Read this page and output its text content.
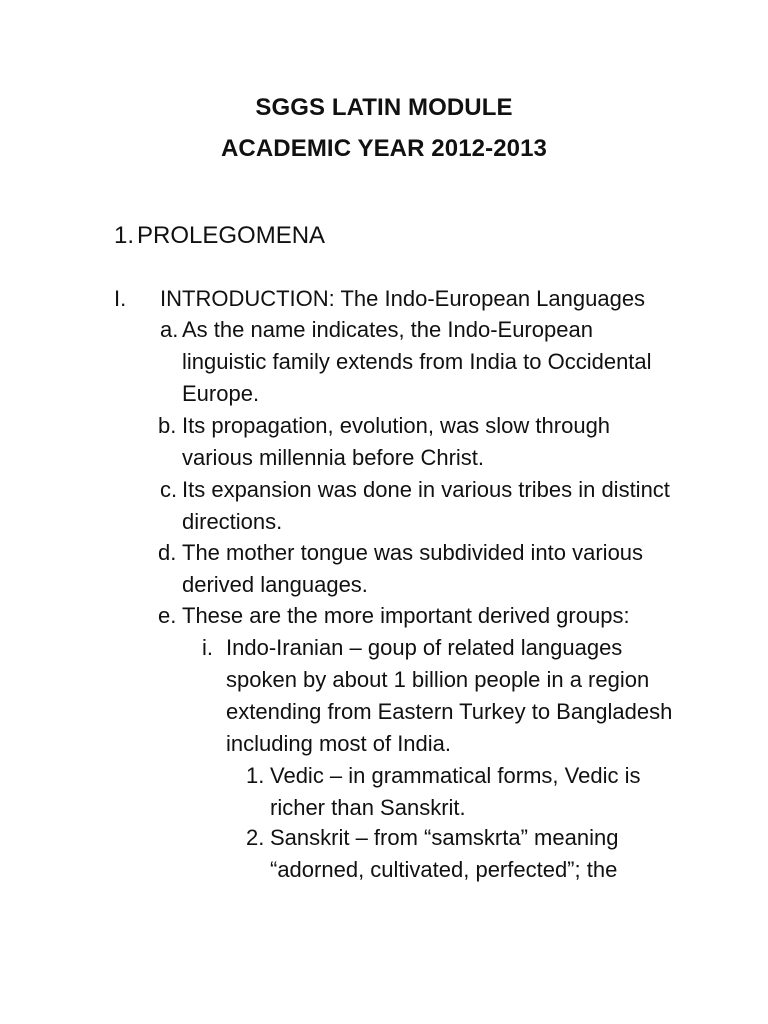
SGGS LATIN MODULE
ACADEMIC YEAR 2012-2013
1. PROLEGOMENA
I. INTRODUCTION: The Indo-European Languages
a. As the name indicates, the Indo-European
linguistic family extends from India to Occidental
Europe.
b. Its propagation, evolution, was slow through
various millennia before Christ.
c. Its expansion was done in various tribes in distinct
directions.
d. The mother tongue was subdivided into various
derived languages.
e. These are the more important derived groups:
i. Indo-Iranian – goup of related languages
spoken by about 1 billion people in a region
extending from Eastern Turkey to Bangladesh
including most of India.
1. Vedic – in grammatical forms, Vedic is
richer than Sanskrit.
2. Sanskrit – from “samskrta” meaning
“adorned, cultivated, perfected”; the
